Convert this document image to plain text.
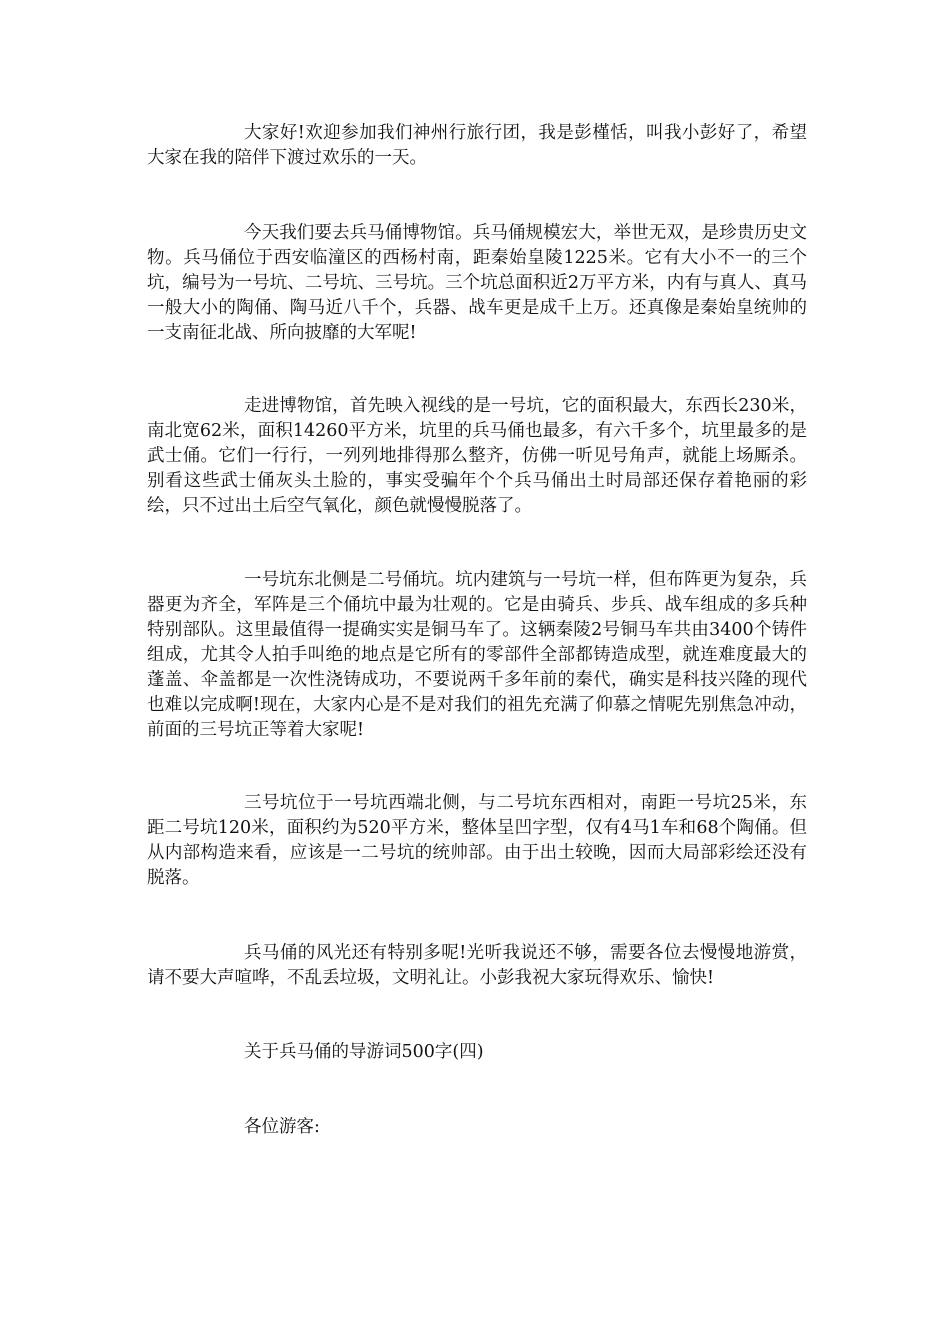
大家好!欢迎参加我们神州行旅行团，我是彭槿恬，叫我小彭好了，希望大家在我的陪伴下渡过欢乐的一天。

今天我们要去兵马俑博物馆。兵马俑规模宏大，举世无双，是珍贵历史文物。兵马俑位于西安临潼区的西杨村南，距秦始皇陵1225米。它有大小不一的三个坑，编号为一号坑、二号坑、三号坑。三个坑总面积近2万平方米，内有与真人、真马一般大小的陶俑、陶马近八千个，兵器、战车更是成千上万。还真像是秦始皇统帅的一支南征北战、所向披靡的大军呢!

走进博物馆，首先映入视线的是一号坑，它的面积最大，东西长230米，南北宽62米，面积14260平方米，坑里的兵马俑也最多，有六千多个，坑里最多的是武士俑。它们一行行，一列列地排得那么整齐，仿佛一听见号角声，就能上场厮杀。别看这些武士俑灰头土脸的，事实受骗年个个兵马俑出土时局部还保存着艳丽的彩绘，只不过出土后空气氧化，颜色就慢慢脱落了。

一号坑东北侧是二号俑坑。坑内建筑与一号坑一样，但布阵更为复杂，兵器更为齐全，军阵是三个俑坑中最为壮观的。它是由骑兵、步兵、战车组成的多兵种特别部队。这里最值得一提确实实是铜马车了。这辆秦陵2号铜马车共由3400个铸件组成，尤其令人拍手叫绝的地点是它所有的零部件全部都铸造成型，就连难度最大的蓬盖、伞盖都是一次性浇铸成功，不要说两千多年前的秦代，确实是科技兴隆的现代也难以完成啊!现在，大家内心是不是对我们的祖先充满了仰慕之情呢先别焦急冲动，前面的三号坑正等着大家呢!

三号坑位于一号坑西端北侧，与二号坑东西相对，南距一号坑25米，东距二号坑120米，面积约为520平方米，整体呈凹字型，仅有4马1车和68个陶俑。但从内部构造来看，应该是一二号坑的统帅部。由于出土较晚，因而大局部彩绘还没有脱落。

兵马俑的风光还有特别多呢!光听我说还不够，需要各位去慢慢地游赏，请不要大声喧哗，不乱丢垃圾，文明礼让。小彭我祝大家玩得欢乐、愉快!

关于兵马俑的导游词500字(四)

各位游客:
